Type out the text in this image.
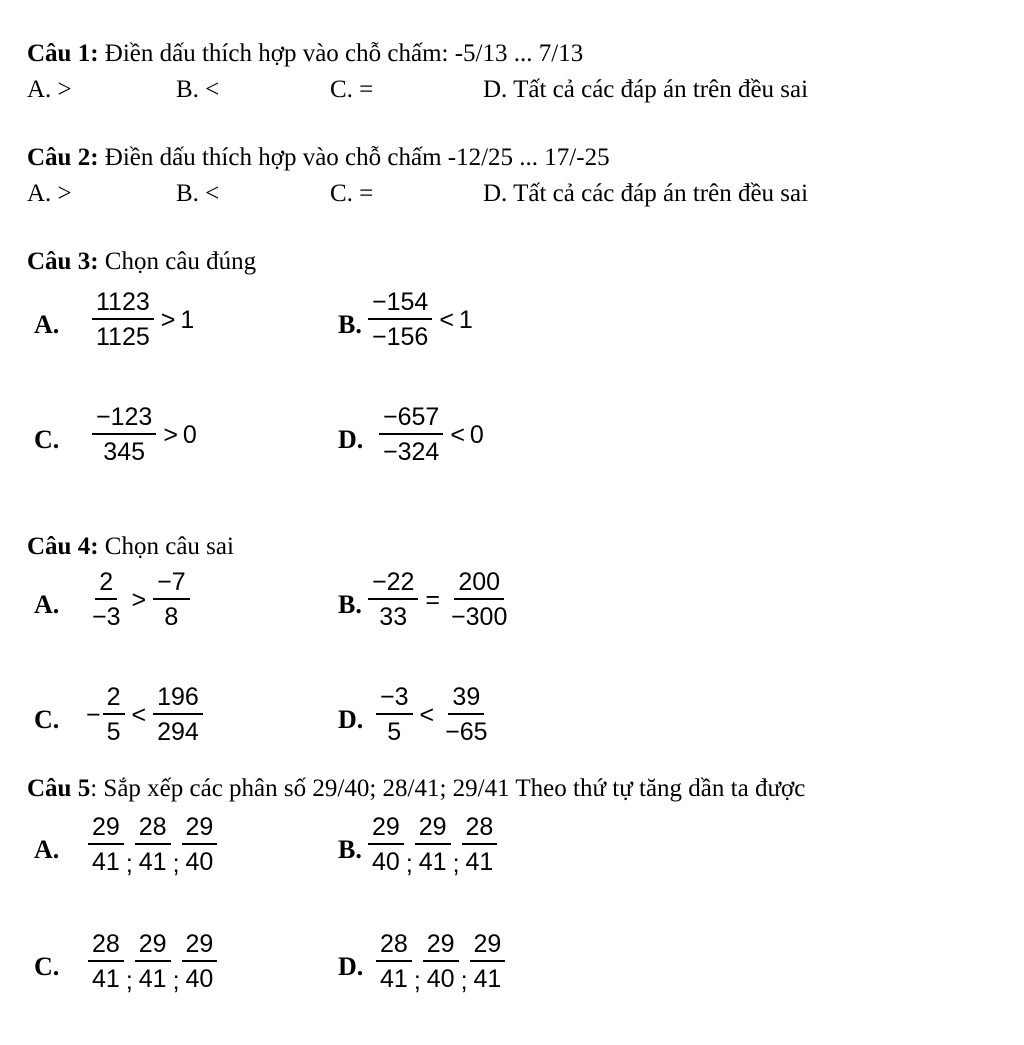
Câu 1: Điền dấu thích hợp vào chỗ chấm: -5/13 ... 7/13
A. >	B. <	C. =	D. Tất cả các đáp án trên đều sai
Câu 2: Điền dấu thích hợp vào chỗ chấm -12/25 ... 17/-25
A. >	B. <	C. =	D. Tất cả các đáp án trên đều sai
Câu 3: Chọn câu đúng
A. $\frac{1123}{1125} > 1$	B. $\frac{-154}{-156} < 1$
C. $\frac{-123}{345} > 0$	D. $\frac{-657}{-324} < 0$
Câu 4: Chọn câu sai
A. $\frac{2}{-3} > \frac{-7}{8}$	B. $\frac{-22}{33} = \frac{200}{-300}$
C. − $\frac{2}{5} < \frac{196}{294}$	D. $\frac{-3}{5} < \frac{39}{-65}$
Câu 5: Sắp xếp các phân số 29/40; 28/41; 29/41 Theo thứ tự tăng dần ta được
A. $\frac{29}{41}$ ; $\frac{28}{41}$ ; $\frac{29}{40}$	B. $\frac{29}{40}$ ; $\frac{29}{41}$ ; $\frac{28}{41}$
C. $\frac{28}{41}$ ; $\frac{29}{41}$ ; $\frac{29}{40}$	D. $\frac{28}{41}$ ; $\frac{29}{40}$ ; $\frac{29}{41}$
